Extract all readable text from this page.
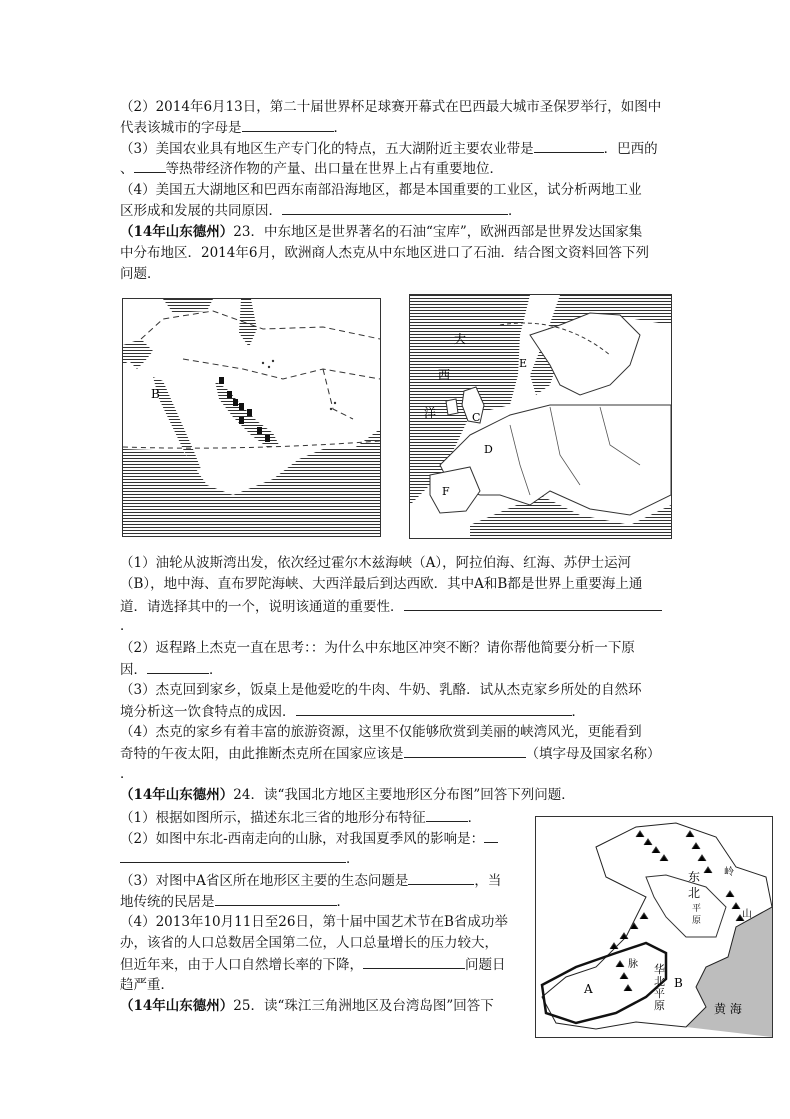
（2）2014年6月13日，第二十届世界杯足球赛开幕式在巴西最大城市圣保罗举行，如图中
代表该城市的字母是	．
（3）美国农业具有地区生产专门化的特点，五大湖附近主要农业带是	．巴西的
、 等热带经济作物的产量、出口量在世界上占有重要地位．
（4）美国五大湖地区和巴西东南部沿海地区，都是本国重要的工业区，试分析两地工业
区形成和发展的共同原因．	．
（14年山东德州）23．中东地区是世界著名的石油“宝库”，欧洲西部是世界发达国家集
中分布地区．2014年6月，欧洲商人杰克从中东地区进口了石油．结合图文资料回答下列
问题．
B
大
西
洋	C
D
E
F
（1）油轮从波斯湾出发，依次经过霍尔木兹海峡（A），阿拉伯海、红海、苏伊士运河
（B），地中海、直布罗陀海峡、大西洋最后到达西欧．其中A和B都是世界上重要海上通
道．请选择其中的一个，说明该通道的重要性．
．
（2）返程路上杰克一直在思考：：为什么中东地区冲突不断？请你帮他简要分析一下原
因．	．
（3）杰克回到家乡，饭桌上是他爱吃的牛肉、牛奶、乳酪．试从杰克家乡所处的自然环
境分析这一饮食特点的成因．	．
（4）杰克的家乡有着丰富的旅游资源，这里不仅能够欣赏到美丽的峡湾风光，更能看到
奇特的午夜太阳，由此推断杰克所在国家应该是	（填字母及国家名称）
．
（14年山东德州）24．读“我国北方地区主要地形区分布图”回答下列问题．
（1）根据如图所示，描述东北三省的地形分布特征	．
（2）如图中东北-西南走向的山脉，对我国夏季风的影响是：
．
（3）对图中A省区所在地形区主要的生态问题是	，当
地传统的民居是	．
（4）2013年10月11日至26日，第十届中国艺术节在B省成功举
办，该省的人口总数居全国第二位，人口总量增长的压力较大，
但近年来，由于人口自然增长率的下降，	问题日
趋严重．
东
北
平
原
A	B
华
北
平
原	黄 海
岭
山
脉
（14年山东德州）25．读“珠江三角洲地区及台湾岛图”回答下
